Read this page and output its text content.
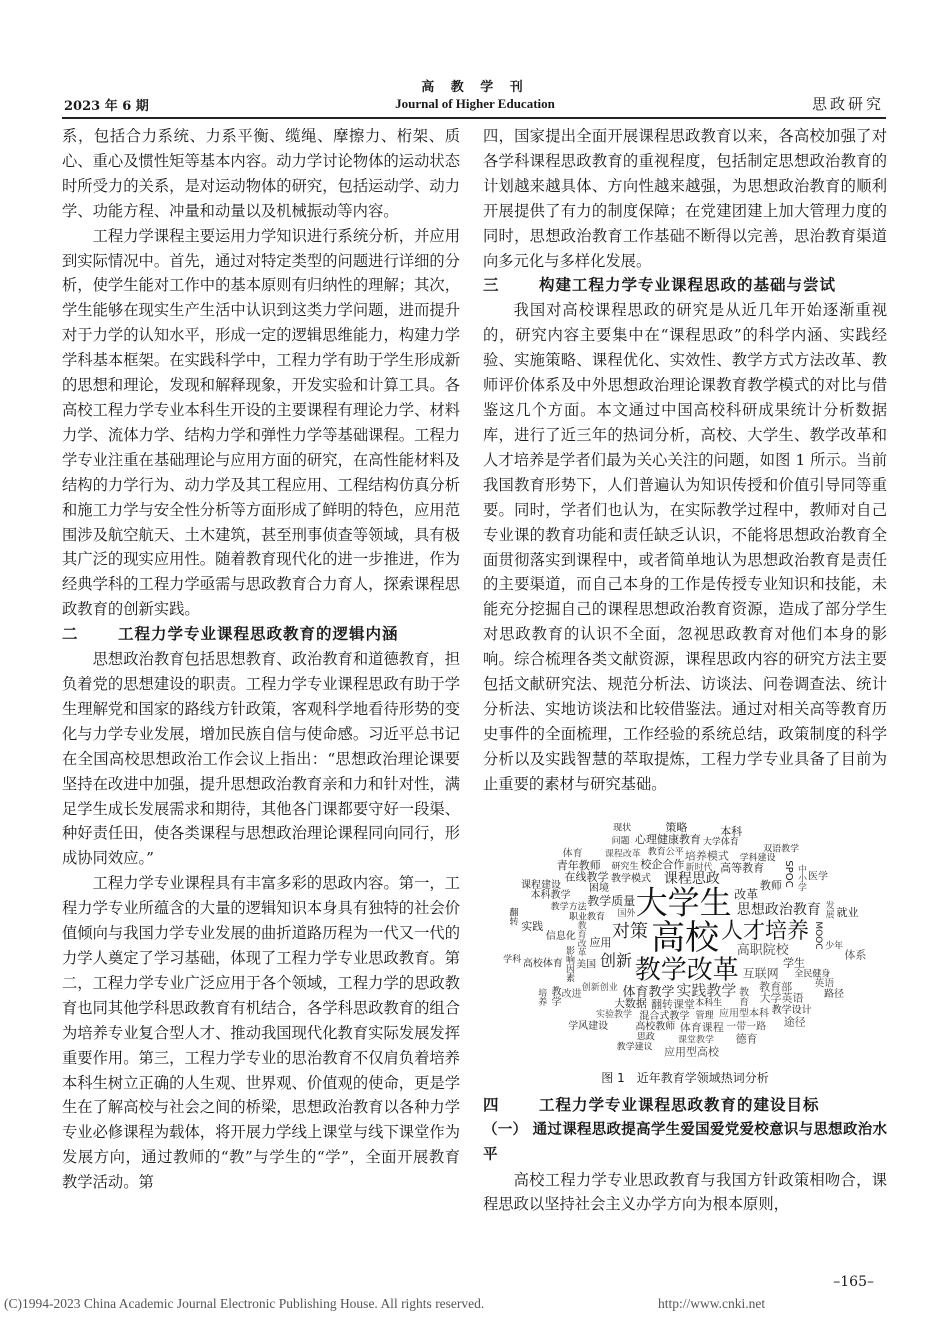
高 教 学 刊
Journal of Higher Education
2023 年 6 期	思政研究

系，包括合力系统、力系平衡、缆绳、摩擦力、桁架、质心、重心及惯性矩等基本内容。动力学讨论物体的运动状态时所受力的关系，是对运动物体的研究，包括运动学、动力学、功能方程、冲量和动量以及机械振动等内容。

工程力学课程主要运用力学知识进行系统分析，并应用到实际情况中。首先，通过对特定类型的问题进行详细的分析，使学生能对工作中的基本原则有归纳性的理解；其次，学生能够在现实生产生活中认识到这类力学问题，进而提升对于力学的认知水平，形成一定的逻辑思维能力，构建力学学科基本框架。在实践科学中，工程力学有助于学生形成新的思想和理论，发现和解释现象，开发实验和计算工具。各高校工程力学专业本科生开设的主要课程有理论力学、材料力学、流体力学、结构力学和弹性力学等基础课程。工程力学专业注重在基础理论与应用方面的研究，在高性能材料及结构的力学行为、动力学及其工程应用、工程结构仿真分析和施工力学与安全性分析等方面形成了鲜明的特色，应用范围涉及航空航天、土木建筑，甚至刑事侦查等领域，具有极其广泛的现实应用性。随着教育现代化的进一步推进，作为经典学科的工程力学亟需与思政教育合力育人，探索课程思政教育的创新实践。

二	工程力学专业课程思政教育的逻辑内涵

思想政治教育包括思想教育、政治教育和道德教育，担负着党的思想建设的职责。工程力学专业课程思政有助于学生理解党和国家的路线方针政策，客观科学地看待形势的变化与力学专业发展，增加民族自信与使命感。习近平总书记在全国高校思想政治工作会议上指出：“思想政治理论课要坚持在改进中加强，提升思想政治教育亲和力和针对性，满足学生成长发展需求和期待，其他各门课都要守好一段渠、种好责任田，使各类课程与思想政治理论课程同向同行，形成协同效应。”

工程力学专业课程具有丰富多彩的思政内容。第一，工程力学专业所蕴含的大量的逻辑知识本身具有独特的社会价值倾向与我国力学专业发展的曲折道路历程为一代又一代的力学人奠定了学习基础，体现了工程力学专业思政教育。第二，工程力学专业广泛应用于各个领域，工程力学的思政教育也同其他学科思政教育有机结合，各学科思政教育的组合为培养专业复合型人才、推动我国现代化教育实际发展发挥重要作用。第三，工程力学专业的思治教育不仅肩负着培养本科生树立正确的人生观、世界观、价值观的使命，更是学生在了解高校与社会之间的桥梁，思想政治教育以各种力学专业必修课程为载体，将开展力学线上课堂与线下课堂作为发展方向，通过教师的“教”与学生的“学”，全面开展教育教学活动。第

四，国家提出全面开展课程思政教育以来，各高校加强了对各学科课程思政教育的重视程度，包括制定思想政治教育的计划越来越具体、方向性越来越强，为思想政治教育的顺利开展提供了有力的制度保障；在党建团建上加大管理力度的同时，思想政治教育工作基础不断得以完善，思治教育渠道向多元化与多样化发展。

三	构建工程力学专业课程思政的基础与尝试

我国对高校课程思政的研究是从近几年开始逐渐重视的，研究内容主要集中在“课程思政”的科学内涵、实践经验、实施策略、课程优化、实效性、教学方式方法改革、教师评价体系及中外思想政治理论课教育教学模式的对比与借鉴这几个方面。本文通过中国高校科研成果统计分析数据库，进行了近三年的热词分析，高校、大学生、教学改革和人才培养是学者们最为关心关注的问题，如图 1 所示。当前我国教育形势下，人们普遍认为知识传授和价值引导同等重要。同时，学者们也认为，在实际教学过程中，教师对自己专业课的教育功能和责任缺乏认识，不能将思想政治教育全面贯彻落实到课程中，或者简单地认为思想政治教育是责任的主要渠道，而自己本身的工作是传授专业知识和技能，未能充分挖掘自己的课程思想政治教育资源，造成了部分学生对思政教育的认识不全面，忽视思政教育对他们本身的影响。综合梳理各类文献资源，课程思政内容的研究方法主要包括文献研究法、规范分析法、访谈法、问卷调查法、统计分析法、实地访谈法和比较借鉴法。通过对相关高等教育历史事件的全面梳理，工作经验的系统总结，政策制度的科学分析以及实践智慧的萃取提炼，工程力学专业具备了目前为止重要的素材与研究基础。

高校
大学生
教学改革
人才培养
对策
创新
实践教学
课程思政
思想政治教育
高职院校
体育教学
教学质量
互联网
改革
应用
翻转课堂
职业教育
教学模式
新时代 高等教育
校企合作
教育改革
本科生
大数据
创新创业
美国
困境
教育
教师
学生
教育部
管理
混合式教学
培养模式
影响因素
教学方法
应用型本科
在线教学
信息化
大学英语
教育公平
研究生
体育课程
心理健康教育
高校教师
实验教学
SPOC
MOOC
课程改革	学科建设
全民健身
一带一路
高校体育
大学体育
改进
本科教学
青年教师	中小学
少年
教学设计
课堂教学
实践
思政
发展
问题
策略
英语
本科
医学
德育
学风建设
双语教学
应用型高校
课程建设
教学
体育
就业
途径
教学建议
现状
体系
路径
培养
学科
翻转	国外
图 1 近年教育学领域热词分析
四	工程力学专业课程思政教育的建设目标
（一） 通过课程思政提高学生爱国爱党爱校意识与思想政治水平

高校工程力学专业思政教育与我国方针政策相吻合，课程思政以坚持社会主义办学方向为根本原则，

–165–
(C)1994-2023 China Academic Journal Electronic Publishing House. All rights reserved.	http://www.cnki.net
